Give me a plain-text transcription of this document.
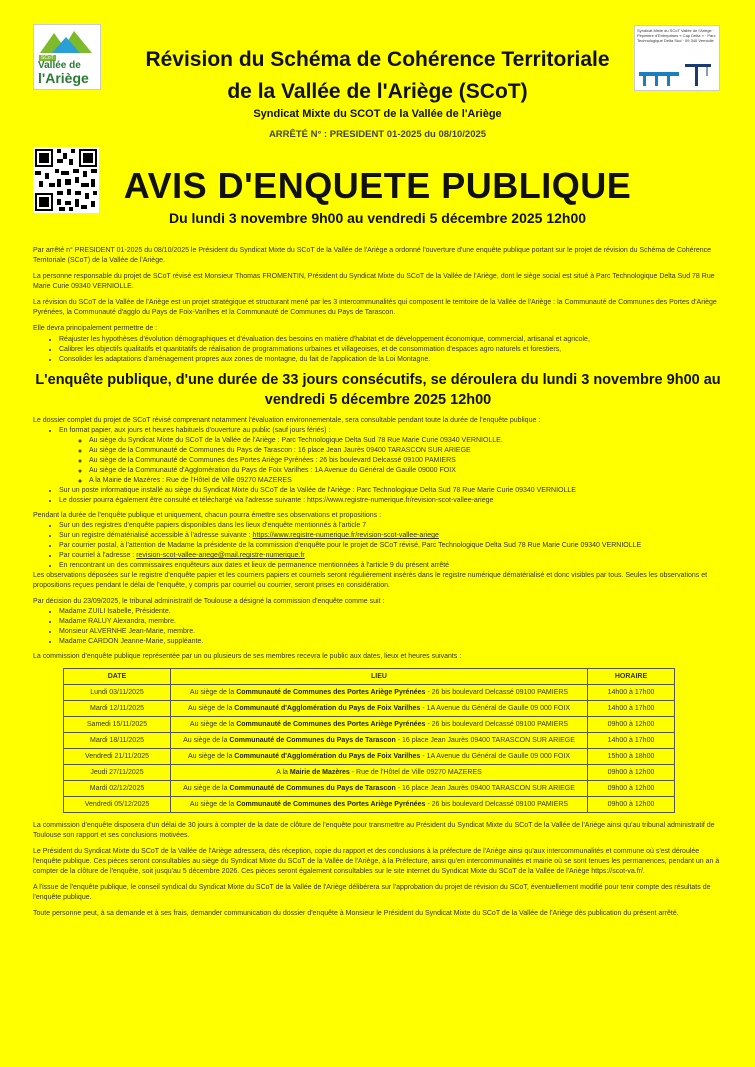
SCoT
Vallée de
l'Ariège
Syndicat Mixte du SCoT Vallée de l'Ariège · Pépinière d'Entreprises « Cap Delta » · Parc Technologique Delta Sud · 09 340 Verniolle
Révision du Schéma de Cohérence Territoriale
de la Vallée de l'Ariège (SCoT)
Syndicat Mixte du SCOT de la Vallée de l'Ariège
ARRÊTÉ N° : PRESIDENT 01-2025 du 08/10/2025
AVIS D'ENQUETE PUBLIQUE
Du lundi 3 novembre 9h00 au vendredi 5 décembre 2025 12h00

Par arrêté n° PRESIDENT 01-2025 du 08/10/2025 le Président du Syndicat Mixte du SCoT de la Vallée de l'Ariège a ordonné l'ouverture d'une enquête publique portant sur le projet de révision du Schéma de Cohérence Territoriale (SCoT) de la Vallée de l'Ariège.

La personne responsable du projet de SCoT révisé est Monsieur Thomas FROMENTIN, Président du Syndicat Mixte du SCoT de la Vallée de l'Ariège, dont le siège social est situé à Parc Technologique Delta Sud 78 Rue Marie Curie 09340 VERNIOLLE.

La révision du SCoT de la Vallée de l'Ariège est un projet stratégique et structurant mené par les 3 intercommunalités qui composent le territoire de la Vallée de l'Ariège : la Communauté de Communes des Portes d'Ariège Pyrénées, la Communauté d'agglo du Pays de Foix-Varilhes et la Communauté de Communes du Pays de Tarascon.

Elle devra principalement permettre de :

• Réajuster les hypothèses d'évolution démographiques et d'évaluation des besoins en matière d'habitat et de développement économique, commercial, artisanal et agricole,
• Calibrer les objectifs qualitatifs et quantitatifs de réalisation de programmations urbaines et villageoises, et de consommation d'espaces agro naturels et forestiers,
• Consolider les adaptations d'aménagement propres aux zones de montagne, du fait de l'application de la Loi Montagne.
L'enquête publique, d'une durée de 33 jours consécutifs, se déroulera du lundi 3 novembre 9h00 au vendredi 5 décembre 2025 12h00

Le dossier complet du projet de SCoT révisé comprenant notamment l'évaluation environnementale, sera consultable pendant toute la durée de l'enquête publique :

• En format papier, aux jours et heures habituels d'ouverture au public (sauf jours fériés) :
◦ Au siège du Syndicat Mixte du SCoT de la Vallée de l'Ariège : Parc Technologique Delta Sud 78 Rue Marie Curie 09340 VERNIOLLE.
◦ Au siège de la Communauté de Communes du Pays de Tarascon : 16 place Jean Jaurès 09400 TARASCON SUR ARIEGE
◦ Au siège de la Communauté de Communes des Portes Ariège Pyrénées : 26 bis boulevard Delcassé 09100 PAMIERS
◦ Au siège de la Communauté d'Agglomération du Pays de Foix Varilhes : 1A Avenue du Général de Gaulle 09000 FOIX
◦ A la Mairie de Mazères : Rue de l'Hôtel de Ville 09270 MAZERES
• Sur un poste informatique installé au siège du Syndicat Mixte du SCoT de la Vallée de l'Ariège : Parc Technologique Delta Sud 78 Rue Marie Curie 09340 VERNIOLLE
• Le dossier pourra également être consulté et téléchargé via l'adresse suivante : https://www.registre-numerique.fr/revision-scot-vallee-ariege

Pendant la durée de l'enquête publique et uniquement, chacun pourra émettre ses observations et propositions :

• Sur un des registres d'enquête papiers disponibles dans les lieux d'enquête mentionnés à l'article 7
• Sur un registre dématérialisé accessible à l'adresse suivante : https://www.registre-numerique.fr/revision-scot-vallee-ariege
• Par courrier postal, à l'attention de Madame la présidente de la commission d'enquête pour le projet de SCoT révisé, Parc Technologique Delta Sud 78 Rue Marie Curie 09340 VERNIOLLE
• Par courriel à l'adresse : revision-scot-vallee-ariege@mail.registre-numerique.fr
• En rencontrant un des commissaires enquêteurs aux dates et lieux de permanence mentionnées à l'article 9 du présent arrêté

Les observations déposées sur le registre d'enquête papier et les courriers papiers et courriels seront régulièrement insérés dans le registre numérique dématérialisé et donc visibles par tous. Seules les observations et propositions reçues pendant le délai de l'enquête, y compris par courriel ou courrier, seront prises en considération.

Par décision du 23/09/2025, le tribunal administratif de Toulouse a désigné la commission d'enquête comme suit :

• Madame ZUILI Isabelle, Présidente.
• Madame RALUY Alexandra, membre.
• Monsieur ALVERNHE Jean-Marie, membre.
• Madame CARDON Jeanne-Marie, suppléante.

La commission d'enquête publique représentée par un ou plusieurs de ses membres recevra le public aux dates, lieux et heures suivants :

DATE	LIEU	HORAIRE
Lundi 03/11/2025	Au siège de la Communauté de Communes des Portes Ariège Pyrénées - 26 bis boulevard Delcassé 09100 PAMIERS	14h00 à 17h00
Mardi 12/11/2025	Au siège de la Communauté d'Agglomération du Pays de Foix Varilhes - 1A Avenue du Général de Gaulle 09 000 FOIX	14h00 à 17h00
Samedi 15/11/2025	Au siège de la Communauté de Communes des Portes Ariège Pyrénées - 26 bis boulevard Delcassé 09100 PAMIERS	09h00 à 12h00
Mardi 18/11/2025	Au siège de la Communauté de Communes du Pays de Tarascon - 16 place Jean Jaurès 09400 TARASCON SUR ARIEGE	14h00 à 17h00
Vendredi 21/11/2025	Au siège de la Communauté d'Agglomération du Pays de Foix Varilhes - 1A Avenue du Général de Gaulle 09 000 FOIX	15h00 à 18h00
Jeudi 27/11/2025	A la Mairie de Mazères - Rue de l'Hôtel de Ville 09270 MAZERES	09h00 à 12h00
Mardi 02/12/2025	Au siège de la Communauté de Communes du Pays de Tarascon - 16 place Jean Jaurès 09400 TARASCON SUR ARIEGE	09h00 à 12h00
Vendredi 05/12/2025	Au siège de la Communauté de Communes des Portes Ariège Pyrénées - 26 bis boulevard Delcassé 09100 PAMIERS	09h00 à 12h00

La commission d'enquête disposera d'un délai de 30 jours à compter de la date de clôture de l'enquête pour transmettre au Président du Syndicat Mixte du SCoT de la Vallée de l'Ariège ainsi qu'au tribunal administratif de Toulouse son rapport et ses conclusions motivées.

Le Président du Syndicat Mixte du SCoT de la Vallée de l'Ariège adressera, dès réception, copie du rapport et des conclusions à la préfecture de l'Ariège ainsi qu'aux intercommunalités et commune où s'est déroulée l'enquête publique. Ces pièces seront consultables au siège du Syndicat Mixte du SCoT de la Vallée de l'Ariège, à la Préfecture, ainsi qu'en intercommunalités et mairie où se sont tenues les permanences, pendant un an à compter de la clôture de l'enquête, soit jusqu'au 5 décembre 2026. Ces pièces seront également consultables sur le site internet du Syndicat Mixte du SCoT de la Vallée de l'Ariège https://scot-va.fr/.

A l'issue de l'enquête publique, le conseil syndical du Syndicat Mixte du SCoT de la Vallée de l'Ariège délibérera sur l'approbation du projet de révision du SCoT, éventuellement modifié pour tenir compte des résultats de l'enquête publique.

Toute personne peut, à sa demande et à ses frais, demander communication du dossier d'enquête à Monsieur le Président du Syndicat Mixte du SCoT de la Vallée de l'Ariège dès publication du présent arrêté.
